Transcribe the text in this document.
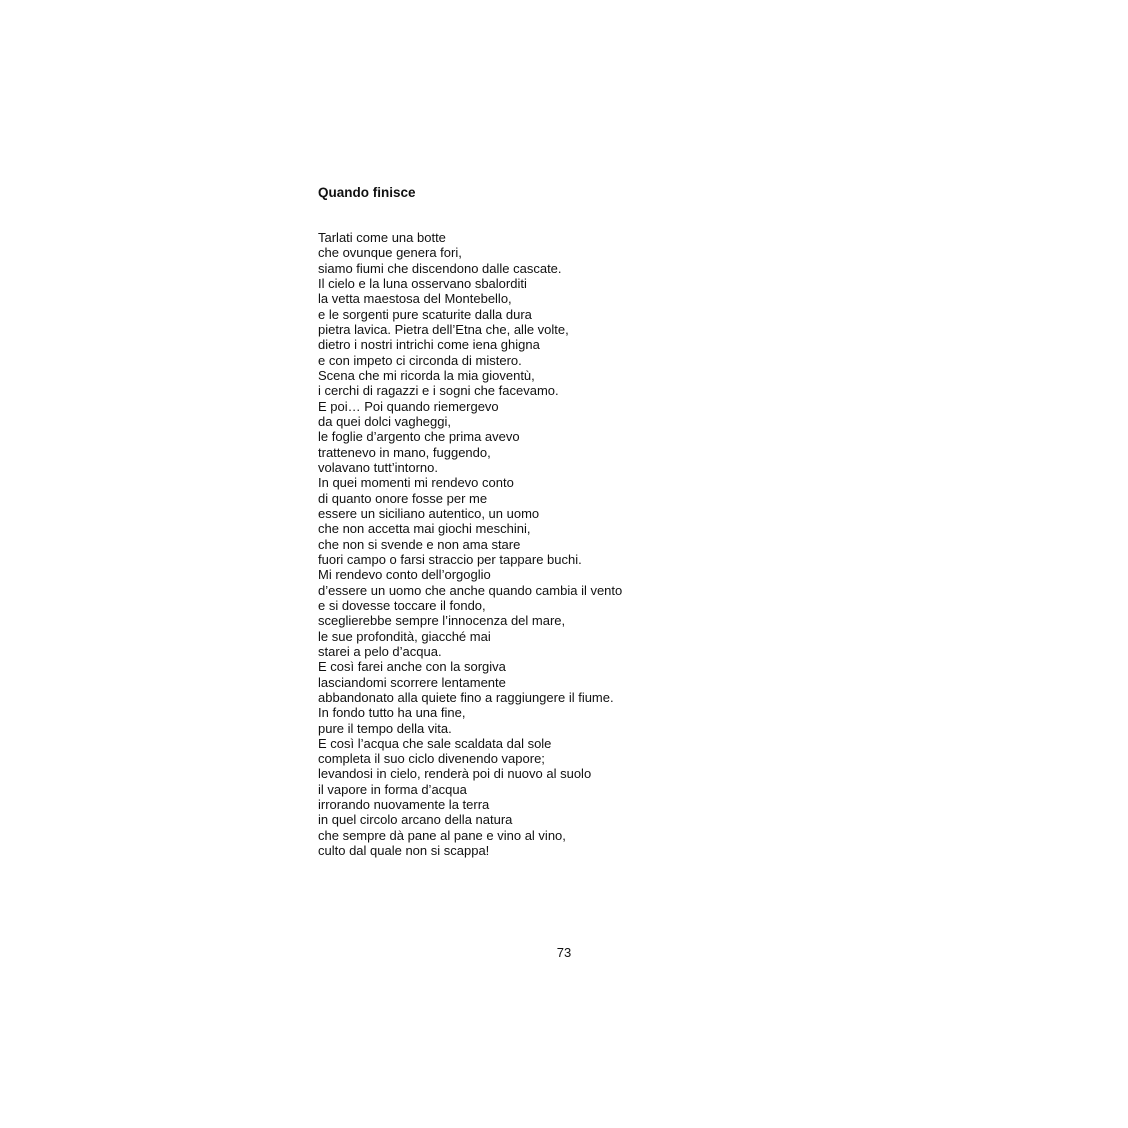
Quando finisce
Tarlati come una botte
che ovunque genera fori,
siamo fiumi che discendono dalle cascate.
Il cielo e la luna osservano sbalorditi
la vetta maestosa del Montebello,
e le sorgenti pure scaturite dalla dura
pietra lavica. Pietra dell’Etna che, alle volte,
dietro i nostri intrichi come iena ghigna
e con impeto ci circonda di mistero.
Scena che mi ricorda la mia gioventù,
i cerchi di ragazzi e i sogni che facevamo.
E poi… Poi quando riemergevo
da quei dolci vagheggi,
le foglie d’argento che prima avevo
trattenevo in mano, fuggendo,
volavano tutt’intorno.
In quei momenti mi rendevo conto
di quanto onore fosse per me
essere un siciliano autentico, un uomo
che non accetta mai giochi meschini,
che non si svende e non ama stare
fuori campo o farsi straccio per tappare buchi.
Mi rendevo conto dell’orgoglio
d’essere un uomo che anche quando cambia il vento
e si dovesse toccare il fondo,
sceglierebbe sempre l’innocenza del mare,
le sue profondità, giacché mai
starei a pelo d’acqua.
E così farei anche con la sorgiva
lasciandomi scorrere lentamente
abbandonato alla quiete fino a raggiungere il fiume.
In fondo tutto ha una fine,
pure il tempo della vita.
E così l’acqua che sale scaldata dal sole
completa il suo ciclo divenendo vapore;
levandosi in cielo, renderà poi di nuovo al suolo
il vapore in forma d’acqua
irrorando nuovamente la terra
in quel circolo arcano della natura
che sempre dà pane al pane e vino al vino,
culto dal quale non si scappa!
73
